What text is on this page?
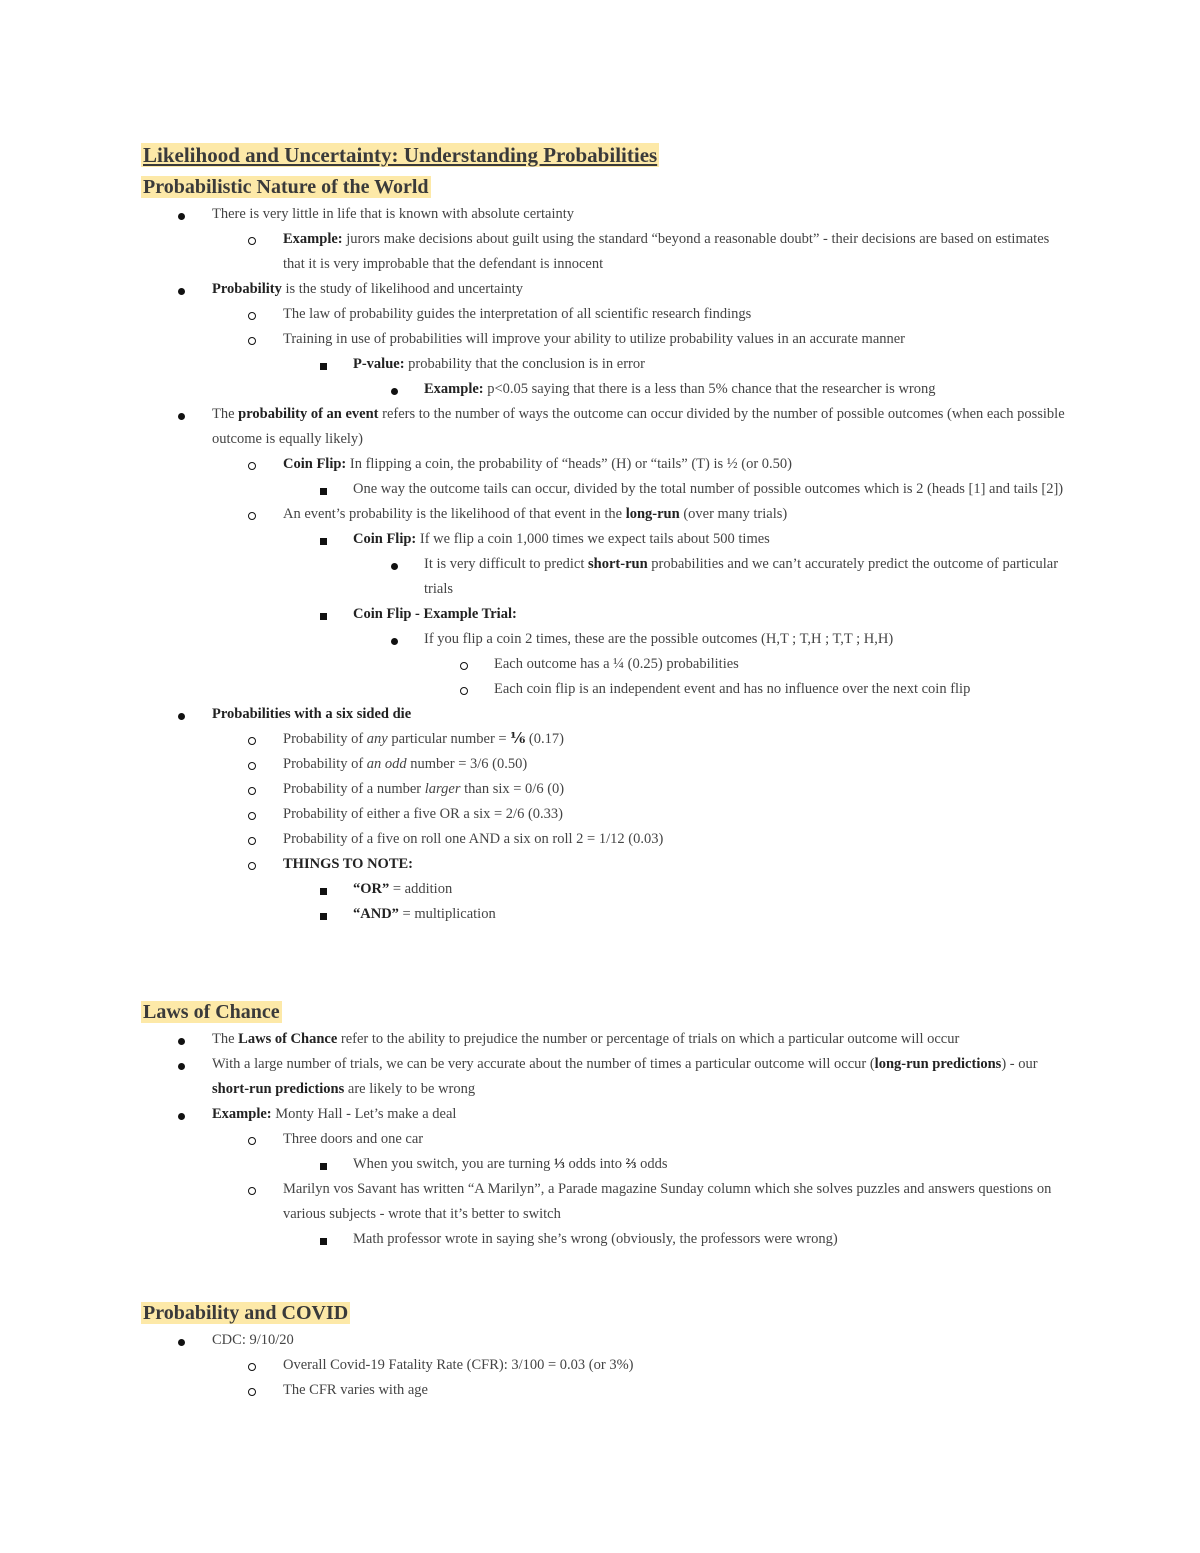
Likelihood and Uncertainty: Understanding Probabilities
Probabilistic Nature of the World
There is very little in life that is known with absolute certainty
Example: jurors make decisions about guilt using the standard “beyond a reasonable doubt” - their decisions are based on estimates that it is very improbable that the defendant is innocent
Probability is the study of likelihood and uncertainty
The law of probability guides the interpretation of all scientific research findings
Training in use of probabilities will improve your ability to utilize probability values in an accurate manner
P-value: probability that the conclusion is in error
Example: p<0.05 saying that there is a less than 5% chance that the researcher is wrong
The probability of an event refers to the number of ways the outcome can occur divided by the number of possible outcomes (when each possible outcome is equally likely)
Coin Flip: In flipping a coin, the probability of “heads” (H) or “tails” (T) is ½ (or 0.50)
One way the outcome tails can occur, divided by the total number of possible outcomes which is 2 (heads [1] and tails [2])
An event’s probability is the likelihood of that event in the long-run (over many trials)
Coin Flip: If we flip a coin 1,000 times we expect tails about 500 times
It is very difficult to predict short-run probabilities and we can’t accurately predict the outcome of particular trials
Coin Flip - Example Trial:
If you flip a coin 2 times, these are the possible outcomes (H,T ; T,H ; T,T ; H,H)
Each outcome has a ¼ (0.25) probabilities
Each coin flip is an independent event and has no influence over the next coin flip
Probabilities with a six sided die
Probability of any particular number = ⅙ (0.17)
Probability of an odd number = 3/6 (0.50)
Probability of a number larger than six = 0/6 (0)
Probability of either a five OR a six = 2/6 (0.33)
Probability of a five on roll one AND a six on roll 2 = 1/12 (0.03)
THINGS TO NOTE:
“OR” = addition
“AND” = multiplication
Laws of Chance
The Laws of Chance refer to the ability to prejudice the number or percentage of trials on which a particular outcome will occur
With a large number of trials, we can be very accurate about the number of times a particular outcome will occur (long-run predictions) - our short-run predictions are likely to be wrong
Example: Monty Hall - Let’s make a deal
Three doors and one car
When you switch, you are turning ⅓ odds into ⅔ odds
Marilyn vos Savant has written “A Marilyn”, a Parade magazine Sunday column which she solves puzzles and answers questions on various subjects - wrote that it’s better to switch
Math professor wrote in saying she’s wrong (obviously, the professors were wrong)
Probability and COVID
CDC: 9/10/20
Overall Covid-19 Fatality Rate (CFR): 3/100 = 0.03 (or 3%)
The CFR varies with age
